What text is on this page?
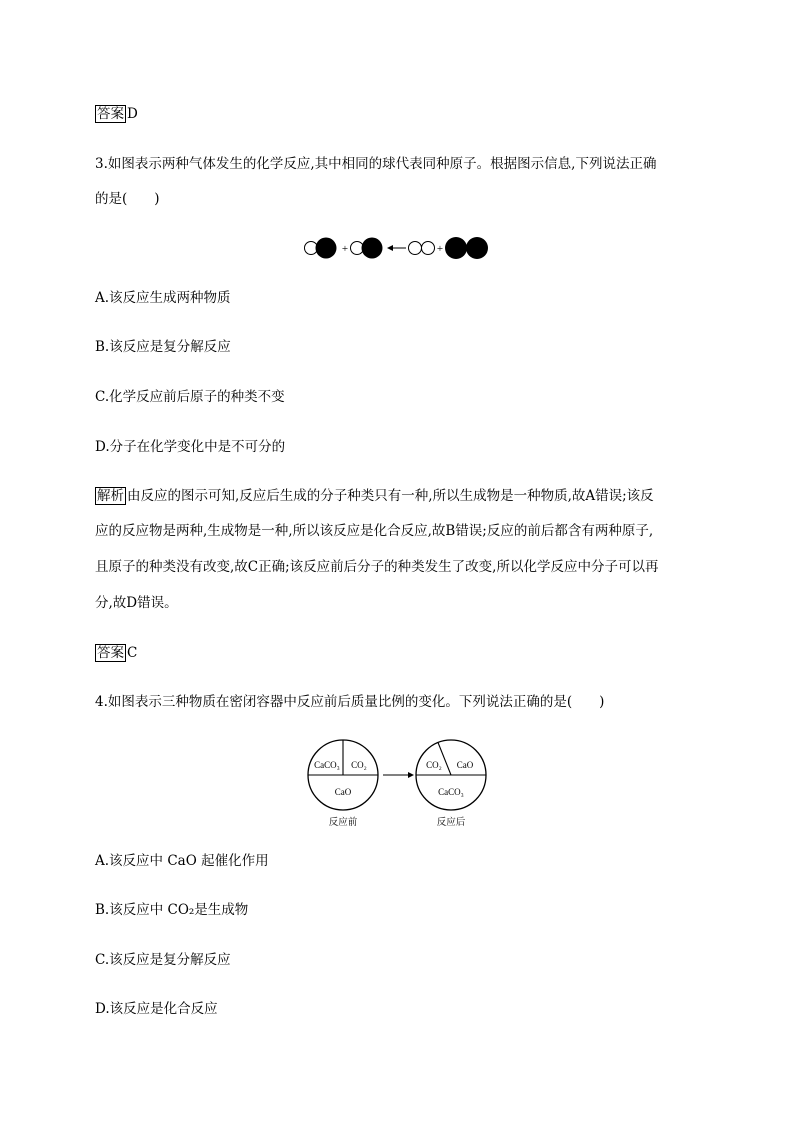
答案 D
3.如图表示两种气体发生的化学反应,其中相同的球代表同种原子。根据图示信息,下列说法正确
的是(　　)
+	+
A.该反应生成两种物质
B.该反应是复分解反应
C.化学反应前后原子的种类不变
D.分子在化学变化中是不可分的
解析 由反应的图示可知,反应后生成的分子种类只有一种,所以生成物是一种物质,故A错误;该反
应的反应物是两种,生成物是一种,所以该反应是化合反应,故B错误;反应的前后都含有两种原子,
且原子的种类没有改变,故C正确;该反应前后分子的种类发生了改变,所以化学反应中分子可以再
分,故D错误。
答案 C
4.如图表示三种物质在密闭容器中反应前后质量比例的变化。下列说法正确的是(　　)
CaCO₃ CO₂
CaO
反应前
CO₂ CaO
CaCO₃
反应后
A.该反应中 CaO 起催化作用
B.该反应中 CO₂是生成物
C.该反应是复分解反应
D.该反应是化合反应
